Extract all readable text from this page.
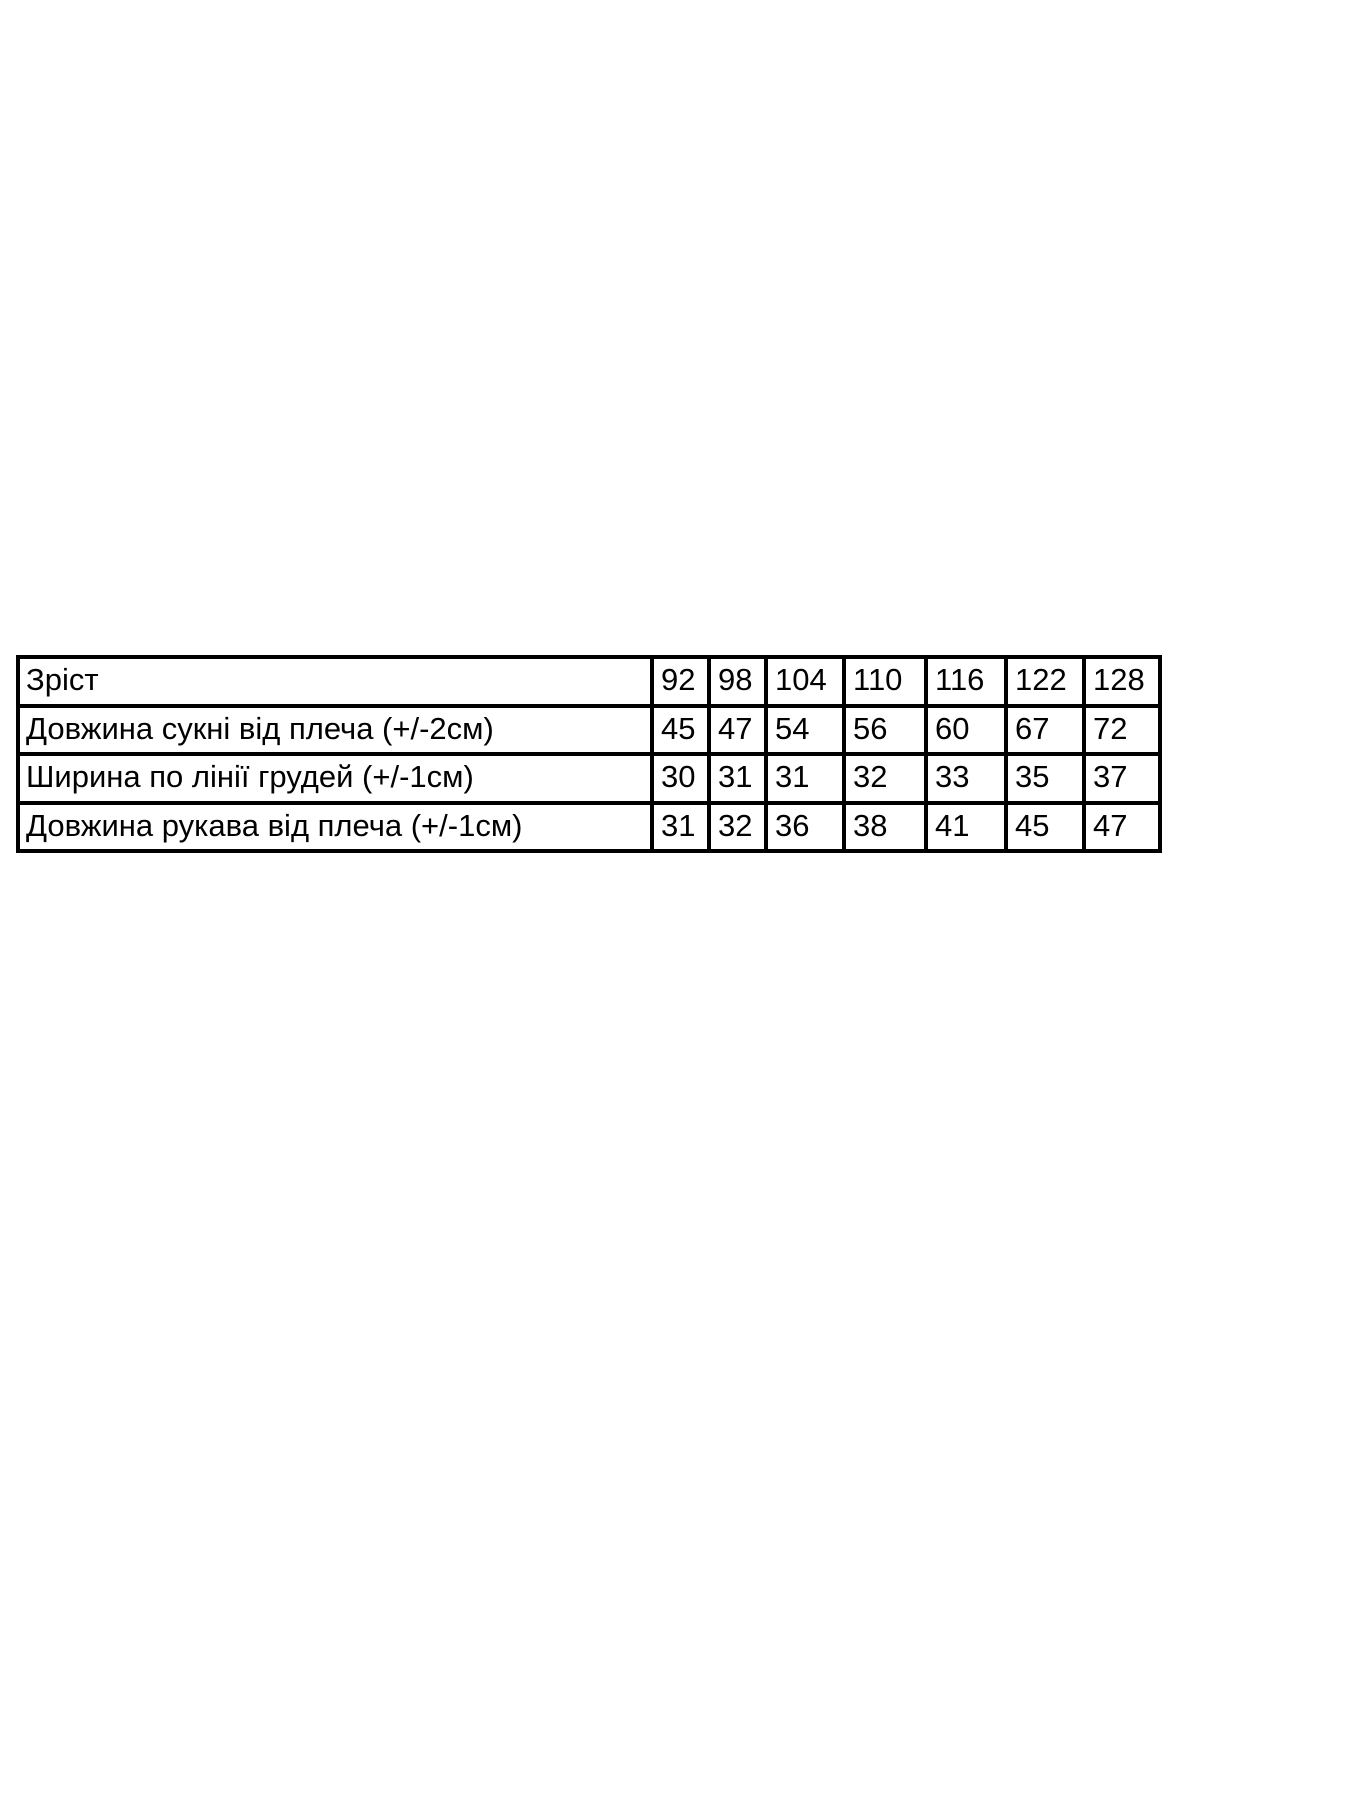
Зріст	92	98	104	110	116	122	128
Довжина сукні від плеча (+/-2см)	45	47	54	56	60	67	72
Ширина по лінії грудей (+/-1см)	30	31	31	32	33	35	37
Довжина рукава від плеча (+/-1см)	31	32	36	38	41	45	47
